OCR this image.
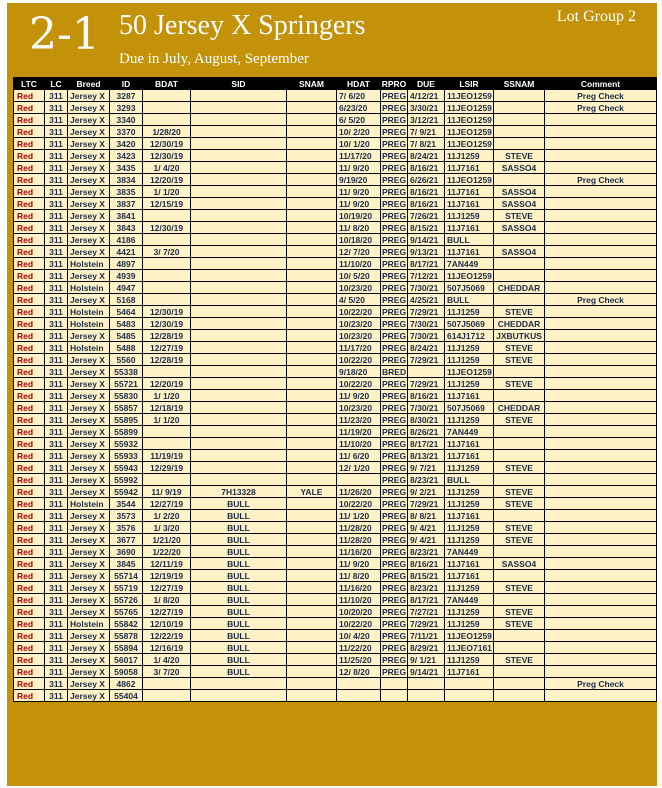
2-1 50 Jersey X Springers
Due in July, August, September
Lot Group 2
LTC	LC	Breed	ID	BDAT	SID	SNAM	HDAT	RPRO	DUE	LSIR	SSNAM	Comment
Red	311	Jersey X	3287				7/ 6/20	PREG	4/12/21	11JEO1259		Preg Check
Red	311	Jersey X	3293				6/23/20	PREG	3/30/21	11JEO1259		Preg Check
Red	311	Jersey X	3340				6/ 5/20	PREG	3/12/21	11JEO1259		
Red	311	Jersey X	3370	1/28/20			10/ 2/20	PREG	7/ 9/21	11JEO1259		
Red	311	Jersey X	3420	12/30/19			10/ 1/20	PREG	7/ 8/21	11JEO1259		
Red	311	Jersey X	3423	12/30/19			11/17/20	PREG	8/24/21	11J1259	STEVE	
Red	311	Jersey X	3435	1/ 4/20			11/ 9/20	PREG	8/16/21	11J7161	SASSO4	
Red	311	Jersey X	3834	12/20/19			9/19/20	PREG	6/26/21	11JEO1259		Preg Check
Red	311	Jersey X	3835	1/ 1/20			11/ 9/20	PREG	8/16/21	11J7161	SASSO4	
Red	311	Jersey X	3837	12/15/19			11/ 9/20	PREG	8/16/21	11J7161	SASSO4	
Red	311	Jersey X	3841				10/19/20	PREG	7/26/21	11J1259	STEVE	
Red	311	Jersey X	3843	12/30/19			11/ 8/20	PREG	8/15/21	11J7161	SASSO4	
Red	311	Jersey X	4186				10/18/20	PREG	9/14/21	BULL		
Red	311	Jersey X	4421	3/ 7/20			12/ 7/20	PREG	9/13/21	11J7161	SASSO4	
Red	311	Holstein	4897				11/10/20	PREG	8/17/21	7AN449		
Red	311	Jersey X	4939				10/ 5/20	PREG	7/12/21	11JEO1259		
Red	311	Holstein	4947				10/23/20	PREG	7/30/21	507J5069	CHEDDAR	
Red	311	Jersey X	5168				4/ 5/20	PREG	4/25/21	BULL		Preg Check
Red	311	Holstein	5464	12/30/19			10/22/20	PREG	7/29/21	11J1259	STEVE	
Red	311	Holstein	5483	12/30/19			10/23/20	PREG	7/30/21	507J5069	CHEDDAR	
Red	311	Jersey X	5485	12/28/19			10/23/20	PREG	7/30/21	614J1712	JXBUTKUS	
Red	311	Holstein	5488	12/27/19			11/17/20	PREG	8/24/21	11J1259	STEVE	
Red	311	Jersey X	5560	12/28/19			10/22/20	PREG	7/29/21	11J1259	STEVE	
Red	311	Jersey X	55338				9/18/20	BRED		11JEO1259		
Red	311	Jersey X	55721	12/20/19			10/22/20	PREG	7/29/21	11J1259	STEVE	
Red	311	Jersey X	55830	1/ 1/20			11/ 9/20	PREG	8/16/21	11J7161		
Red	311	Jersey X	55857	12/18/19			10/23/20	PREG	7/30/21	507J5069	CHEDDAR	
Red	311	Jersey X	55895	1/ 1/20			11/23/20	PREG	8/30/21	11J1259	STEVE	
Red	311	Jersey X	55899				11/19/20	PREG	8/26/21	7AN449		
Red	311	Jersey X	55932				11/10/20	PREG	8/17/21	11J7161		
Red	311	Jersey X	55933	11/19/19			11/ 6/20	PREG	8/13/21	11J7161		
Red	311	Jersey X	55943	12/29/19			12/ 1/20	PREG	9/ 7/21	11J1259	STEVE	
Red	311	Jersey X	55992					PREG	8/23/21	BULL		
Red	311	Jersey X	55942	11/ 9/19	7H13328	YALE	11/26/20	PREG	9/ 2/21	11J1259	STEVE	
Red	311	Holstein	3544	12/27/19	BULL		10/22/20	PREG	7/29/21	11J1259	STEVE	
Red	311	Jersey X	3573	1/ 2/20	BULL		11/ 1/20	PREG	8/ 8/21	11J7161		
Red	311	Jersey X	3576	1/ 3/20	BULL		11/28/20	PREG	9/ 4/21	11J1259	STEVE	
Red	311	Jersey X	3677	1/21/20	BULL		11/28/20	PREG	9/ 4/21	11J1259	STEVE	
Red	311	Jersey X	3690	1/22/20	BULL		11/16/20	PREG	8/23/21	7AN449		
Red	311	Jersey X	3845	12/11/19	BULL		11/ 9/20	PREG	8/16/21	11J7161	SASSO4	
Red	311	Jersey X	55714	12/19/19	BULL		11/ 8/20	PREG	8/15/21	11J7161		
Red	311	Jersey X	55719	12/27/19	BULL		11/16/20	PREG	8/23/21	11J1259	STEVE	
Red	311	Jersey X	55726	1/ 8/20	BULL		11/10/20	PREG	8/17/21	7AN449		
Red	311	Jersey X	55765	12/27/19	BULL		10/20/20	PREG	7/27/21	11J1259	STEVE	
Red	311	Holstein	55842	12/10/19	BULL		10/22/20	PREG	7/29/21	11J1259	STEVE	
Red	311	Jersey X	55878	12/22/19	BULL		10/ 4/20	PREG	7/11/21	11JEO1259		
Red	311	Jersey X	55894	12/16/19	BULL		11/22/20	PREG	8/29/21	11JEO7161		
Red	311	Jersey X	56017	1/ 4/20	BULL		11/25/20	PREG	9/ 1/21	11J1259	STEVE	
Red	311	Jersey X	59058	3/ 7/20	BULL		12/ 8/20	PREG	9/14/21	11J7161		
Red	311	Jersey X	4862									Preg Check
Red	311	Jersey X	55404									
